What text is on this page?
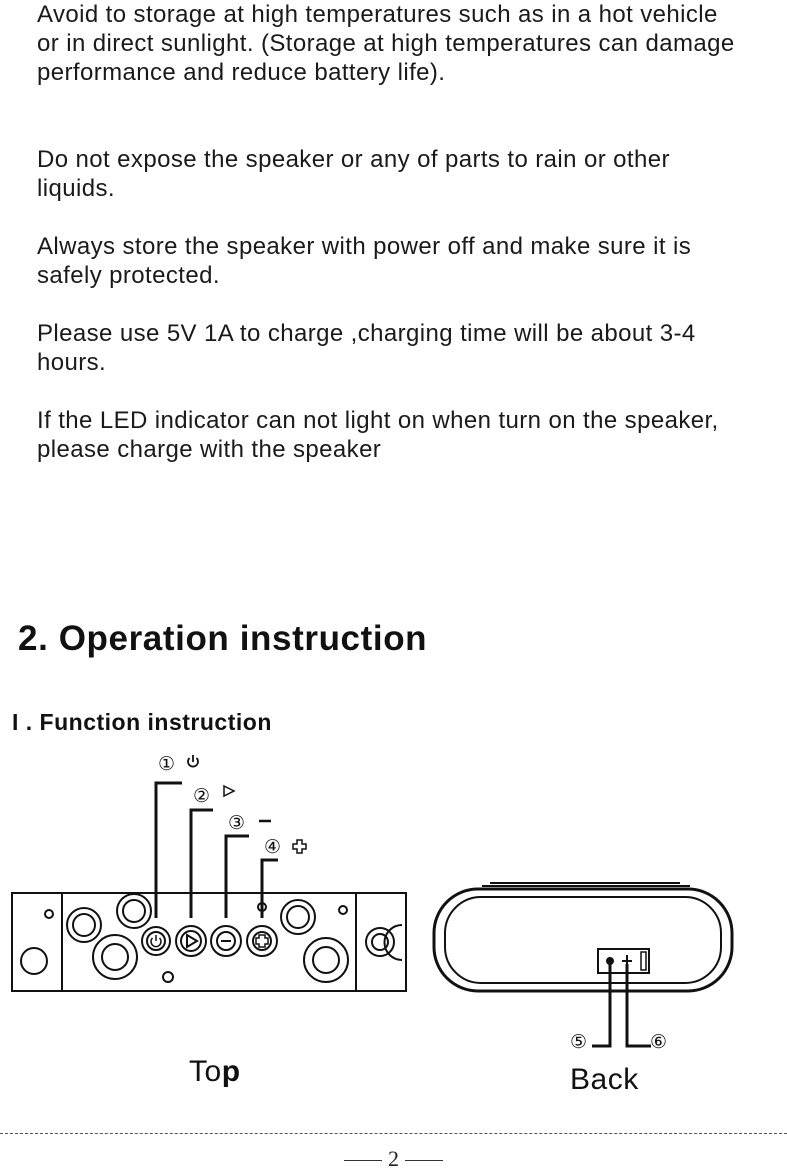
Avoid to storage at high temperatures such as in a hot vehicle or in direct sunlight. (Storage at high temperatures can damage performance and reduce battery life).

Do not expose the speaker or any of parts to rain or other liquids.

Always store the speaker with power off and make sure it is safely protected.

Please use 5V 1A to charge ,charging time will be about 3-4 hours.

If the LED indicator can not light on when turn on the speaker, please charge with the speaker

2. Operation instruction
I . Function instruction
①
②
③
④
⑤	⑥
Top	Back
2
